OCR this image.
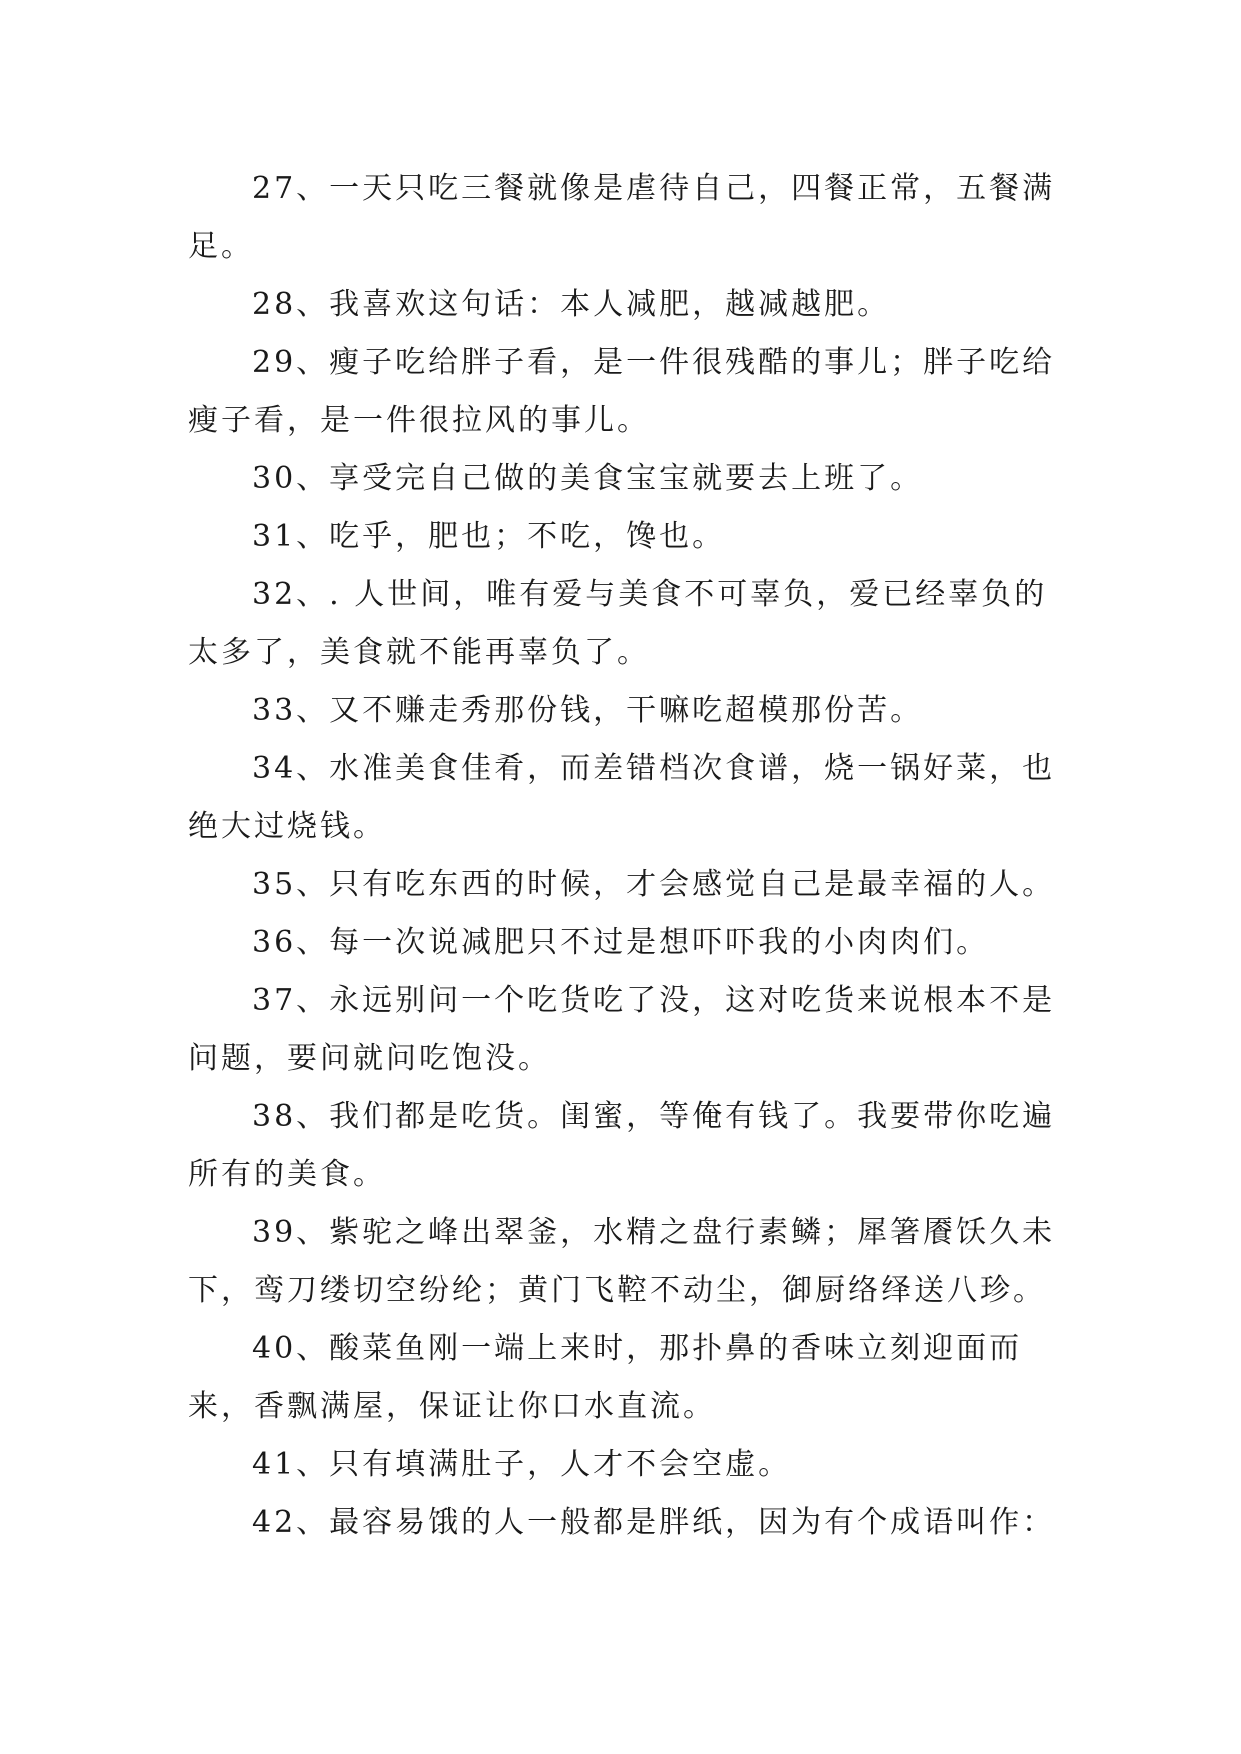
27、一天只吃三餐就像是虐待自己，四餐正常，五餐满足。

28、我喜欢这句话：本人减肥，越减越肥。

29、瘦子吃给胖子看，是一件很残酷的事儿；胖子吃给瘦子看，是一件很拉风的事儿。

30、享受完自己做的美食宝宝就要去上班了。

31、吃乎，肥也；不吃，馋也。

32、. 人世间，唯有爱与美食不可辜负，爱已经辜负的太多了，美食就不能再辜负了。

33、又不赚走秀那份钱，干嘛吃超模那份苦。

34、水准美食佳肴，而差错档次食谱，烧一锅好菜，也绝大过烧钱。

35、只有吃东西的时候，才会感觉自己是最幸福的人。

36、每一次说减肥只不过是想吓吓我的小肉肉们。

37、永远别问一个吃货吃了没，这对吃货来说根本不是问题，要问就问吃饱没。

38、我们都是吃货。闺蜜，等俺有钱了。我要带你吃遍所有的美食。

39、紫驼之峰出翠釜，水精之盘行素鳞；犀箸餍饫久未下，鸾刀缕切空纷纶；黄门飞鞚不动尘，御厨络绎送八珍。

40、酸菜鱼刚一端上来时，那扑鼻的香味立刻迎面而来，香飘满屋，保证让你口水直流。

41、只有填满肚子，人才不会空虚。

42、最容易饿的人一般都是胖纸，因为有个成语叫作：
